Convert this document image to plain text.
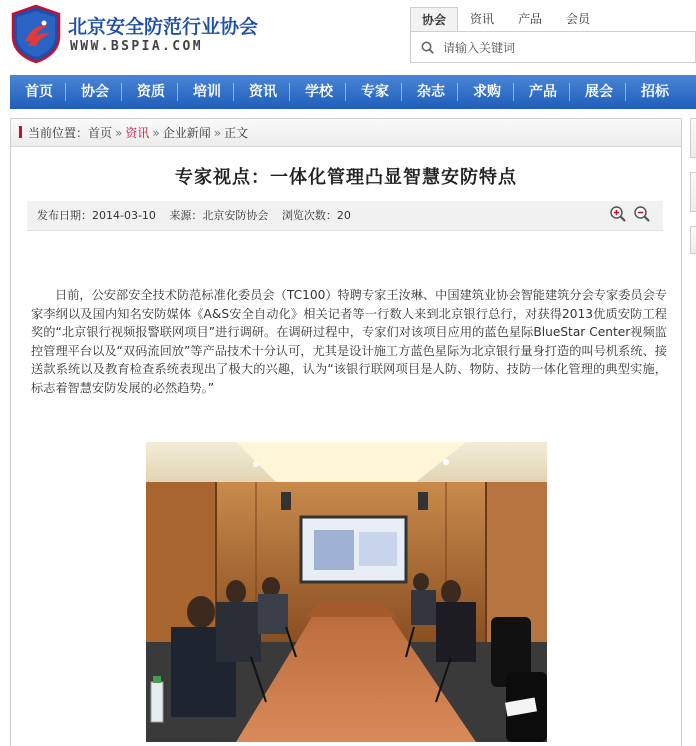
北京安全防范行业协会
WWW.BSPIA.COM
协会	资讯	产品	会员
请输入关键词
首页	协会	资质	培训	资讯	学校	专家	杂志	求购	产品	展会	招标
当前位置：首页 » 资讯 » 企业新闻 » 正文
专家视点：一体化管理凸显智慧安防特点
发布日期：2014-03-10 来源：北京安防协会 浏览次数：20

日前，公安部安全技术防范标准化委员会（TC100）特聘专家王汝琳、中国建筑业协会智能建筑分会专家委员会专家李纲以及国内知名安防媒体《A&S安全自动化》相关记者等一行数人来到北京银行总行，对获得2013优质安防工程奖的“北京银行视频报警联网项目”进行调研。在调研过程中，专家们对该项目应用的蓝色星际BlueStar Center视频监控管理平台以及“双码流回放”等产品技术十分认可，尤其是设计施工方蓝色星际为北京银行量身打造的叫号机系统、接送款系统以及教育检查系统表现出了极大的兴趣，认为“该银行联网项目是人防、物防、技防一体化管理的典型实施，标志着智慧安防发展的必然趋势。”
